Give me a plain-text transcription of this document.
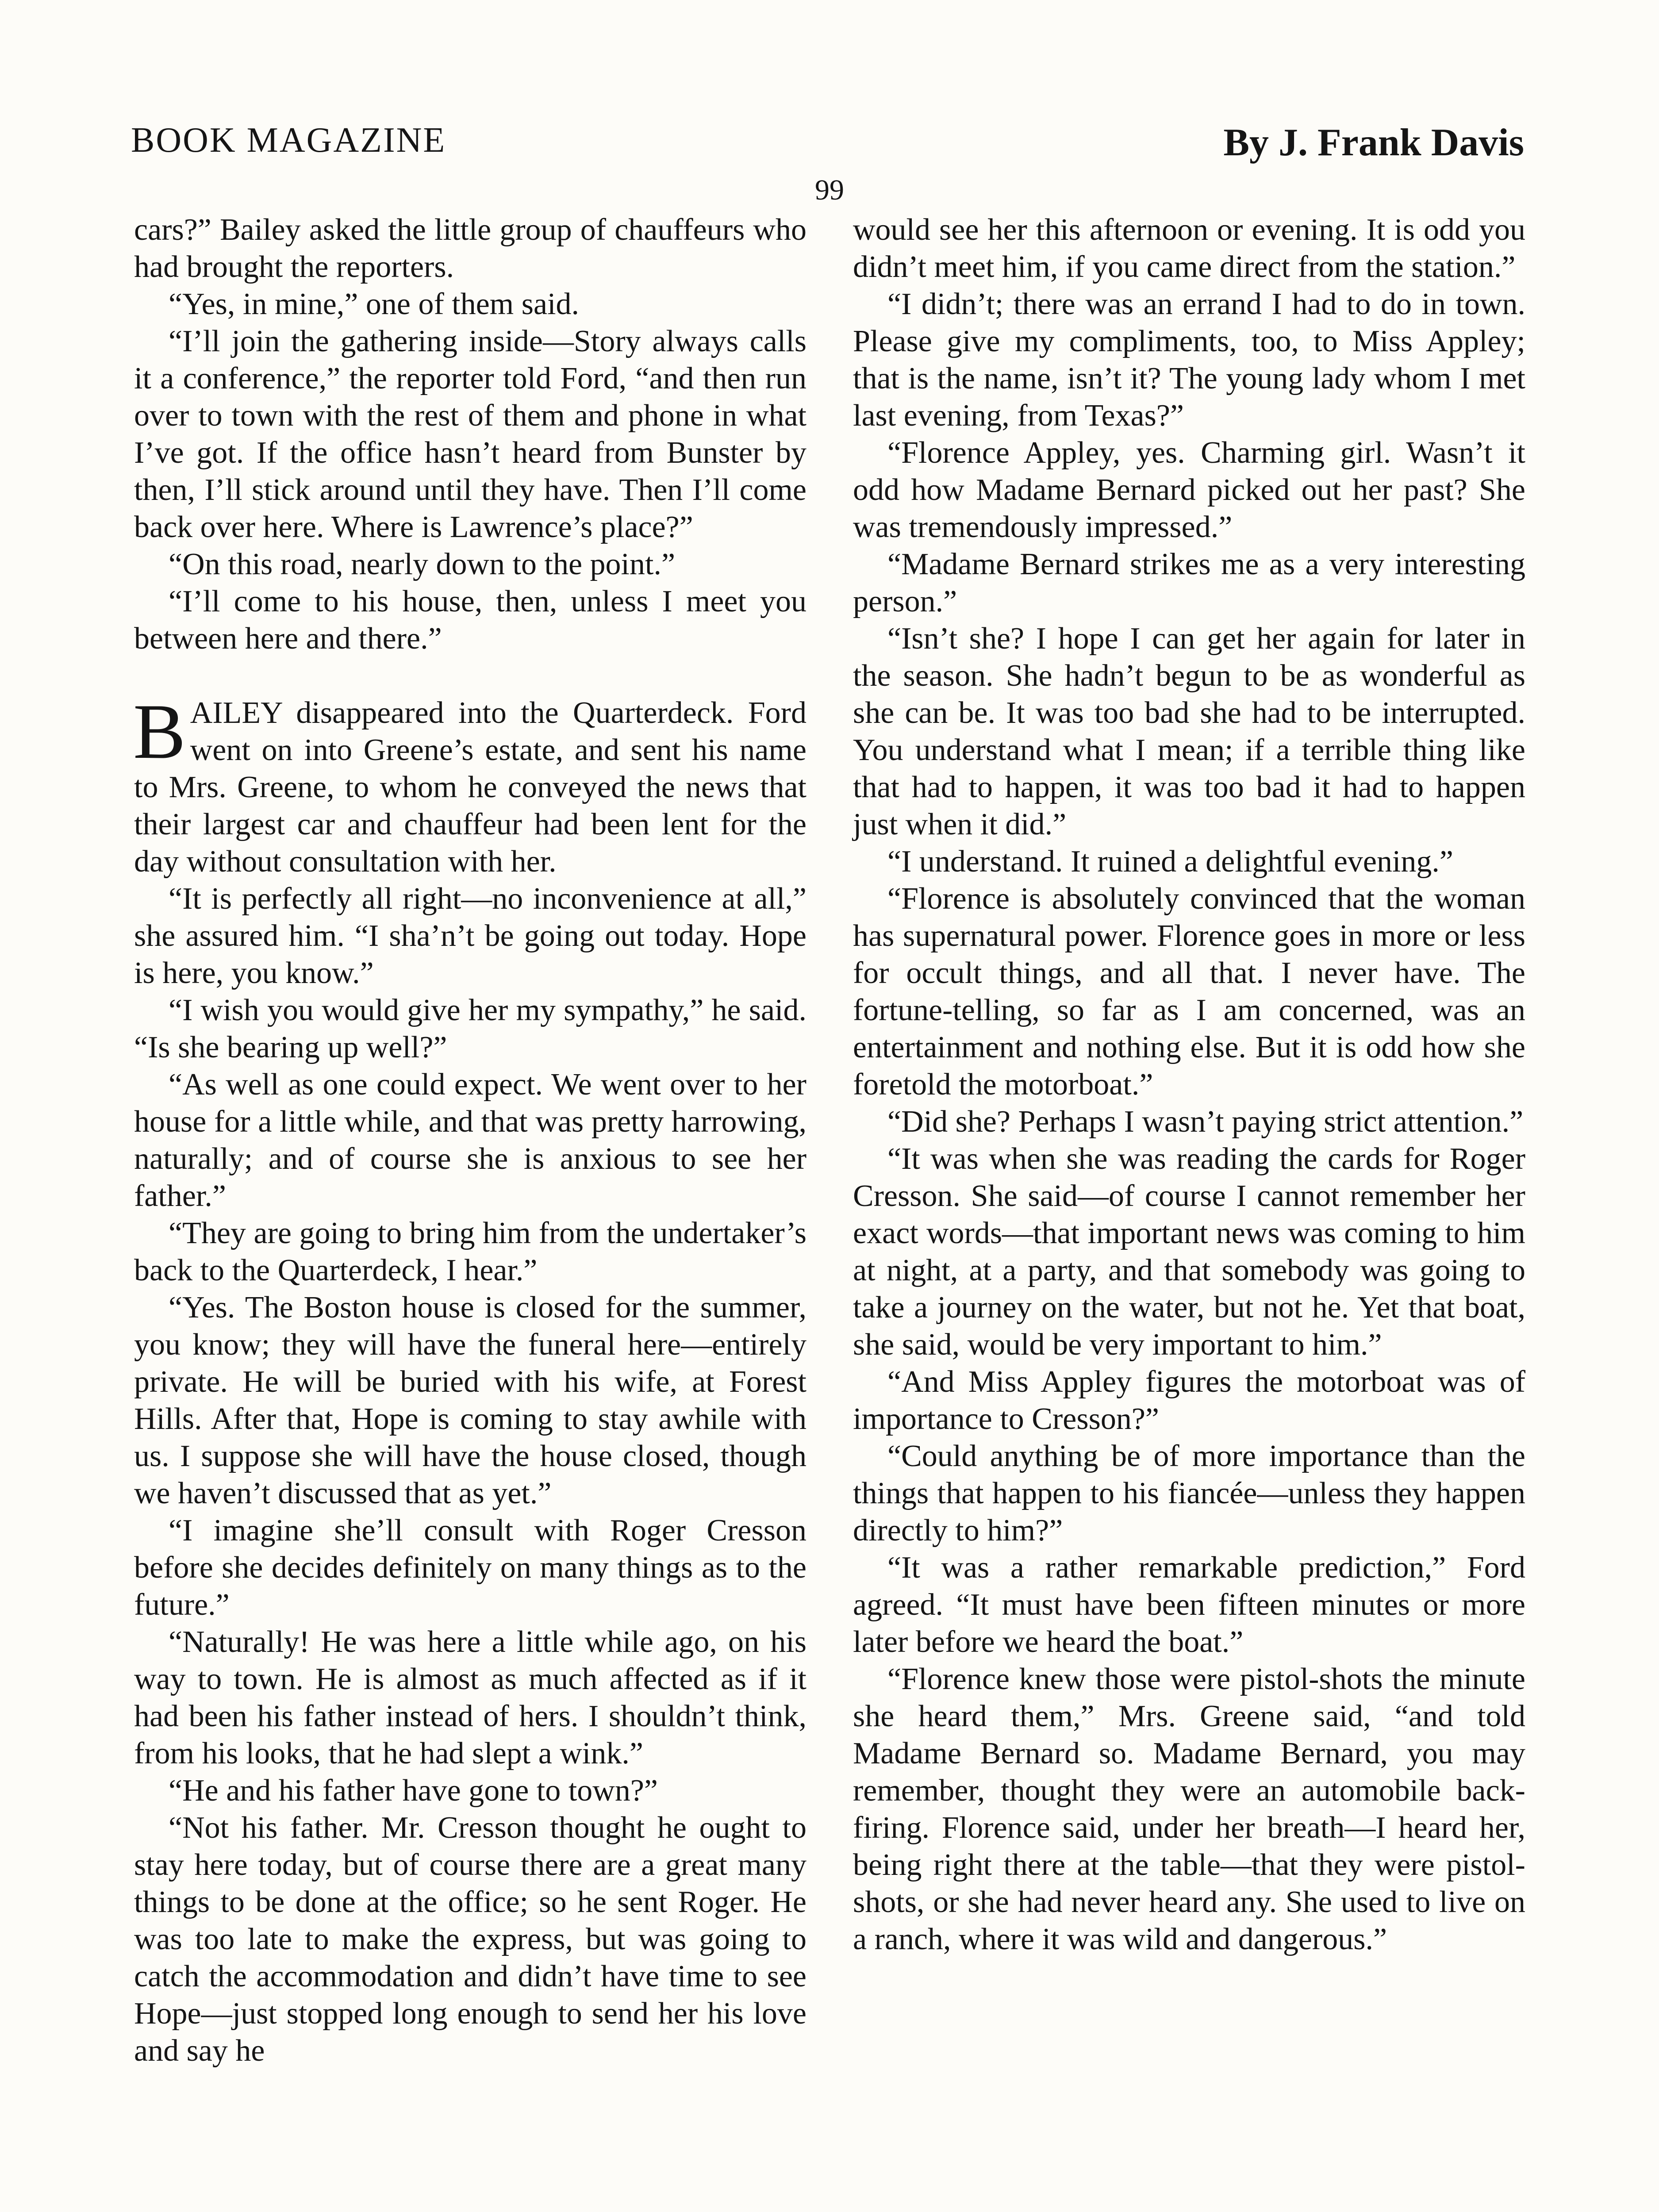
BOOK MAGAZINE	By J. Frank Davis
99

cars?” Bailey asked the little group of chauffeurs who had brought the reporters.

“Yes, in mine,” one of them said.

“I’ll join the gathering inside—Story always calls it a conference,” the reporter told Ford, “and then run over to town with the rest of them and phone in what I’ve got. If the office hasn’t heard from Bunster by then, I’ll stick around until they have. Then I’ll come back over here. Where is Lawrence’s place?”

“On this road, nearly down to the point.”

“I’ll come to his house, then, unless I meet you between here and there.”

BAILEY disappeared into the Quarterdeck. Ford went on into Greene’s estate, and sent his name to Mrs. Greene, to whom he conveyed the news that their largest car and chauffeur had been lent for the day without consultation with her.

“It is perfectly all right—no inconvenience at all,” she assured him. “I sha’n’t be going out today. Hope is here, you know.”

“I wish you would give her my sympathy,” he said. “Is she bearing up well?”

“As well as one could expect. We went over to her house for a little while, and that was pretty harrowing, naturally; and of course she is anxious to see her father.”

“They are going to bring him from the undertaker’s back to the Quarterdeck, I hear.”

“Yes. The Boston house is closed for the summer, you know; they will have the funeral here—entirely private. He will be buried with his wife, at Forest Hills. After that, Hope is coming to stay awhile with us. I suppose she will have the house closed, though we haven’t discussed that as yet.”

“I imagine she’ll consult with Roger Cresson before she decides definitely on many things as to the future.”

“Naturally! He was here a little while ago, on his way to town. He is almost as much affected as if it had been his father instead of hers. I shouldn’t think, from his looks, that he had slept a wink.”

“He and his father have gone to town?”

“Not his father. Mr. Cresson thought he ought to stay here today, but of course there are a great many things to be done at the office; so he sent Roger. He was too late to make the express, but was going to catch the accommodation and didn’t have time to see Hope—just stopped long enough to send her his love and say he

would see her this afternoon or evening. It is odd you didn’t meet him, if you came direct from the station.”

“I didn’t; there was an errand I had to do in town. Please give my compliments, too, to Miss Appley; that is the name, isn’t it? The young lady whom I met last evening, from Texas?”

“Florence Appley, yes. Charming girl. Wasn’t it odd how Madame Bernard picked out her past? She was tremendously impressed.”

“Madame Bernard strikes me as a very interesting person.”

“Isn’t she? I hope I can get her again for later in the season. She hadn’t begun to be as wonderful as she can be. It was too bad she had to be interrupted. You understand what I mean; if a terrible thing like that had to happen, it was too bad it had to happen just when it did.”

“I understand. It ruined a delightful evening.”

“Florence is absolutely convinced that the woman has supernatural power. Florence goes in more or less for occult things, and all that. I never have. The fortune-telling, so far as I am concerned, was an entertainment and nothing else. But it is odd how she foretold the motorboat.”

“Did she? Perhaps I wasn’t paying strict attention.”

“It was when she was reading the cards for Roger Cresson. She said—of course I cannot remember her exact words—that important news was coming to him at night, at a party, and that somebody was going to take a journey on the water, but not he. Yet that boat, she said, would be very important to him.”

“And Miss Appley figures the motorboat was of importance to Cresson?”

“Could anything be of more importance than the things that happen to his fiancée—unless they happen directly to him?”

“It was a rather remarkable prediction,” Ford agreed. “It must have been fifteen minutes or more later before we heard the boat.”

“Florence knew those were pistol-shots the minute she heard them,” Mrs. Greene said, “and told Madame Bernard so. Madame Bernard, you may remember, thought they were an automobile back-firing. Florence said, under her breath—I heard her, being right there at the table—that they were pistol-shots, or she had never heard any. She used to live on a ranch, where it was wild and dangerous.”
